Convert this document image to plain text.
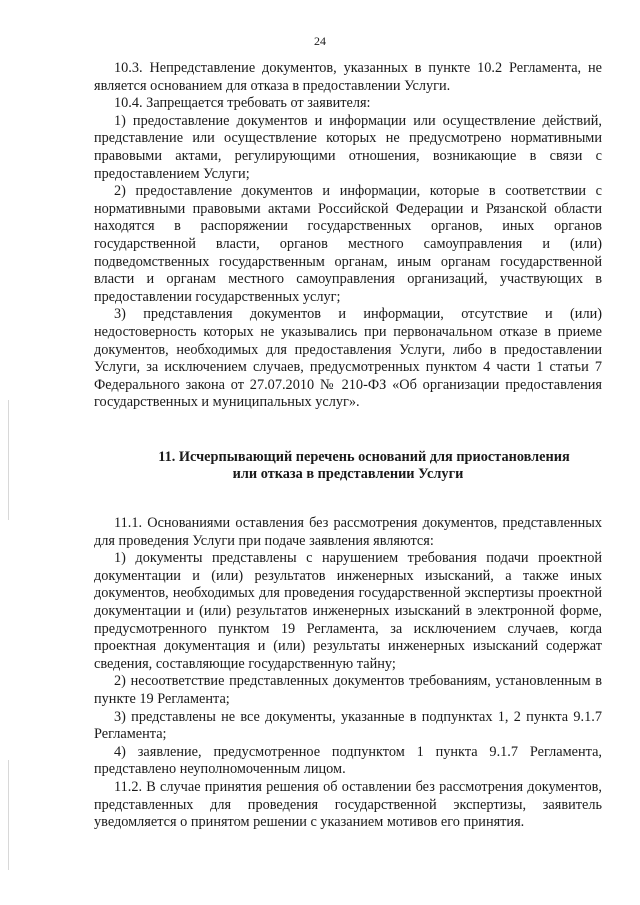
24

10.3. Непредставление документов, указанных в пункте 10.2 Регламента, не является основанием для отказа в предоставлении Услуги.

10.4. Запрещается требовать от заявителя:

1) предоставление документов и информации или осуществление действий, представление или осуществление которых не предусмотрено нормативными правовыми актами, регулирующими отношения, возникающие в связи с предоставлением Услуги;

2) предоставление документов и информации, которые в соответствии с нормативными правовыми актами Российской Федерации и Рязанской области находятся в распоряжении государственных органов, иных органов государственной власти, органов местного самоуправления и (или) подведомственных государственным органам, иным органам государственной власти и органам местного самоуправления организаций, участвующих в предоставлении государственных услуг;

3) представления документов и информации, отсутствие и (или) недостоверность которых не указывались при первоначальном отказе в приеме документов, необходимых для предоставления Услуги, либо в предоставлении Услуги, за исключением случаев, предусмотренных пунктом 4 части 1 статьи 7 Федерального закона от 27.07.2010 № 210-ФЗ «Об организации предоставления государственных и муниципальных услуг».

11. Исчерпывающий перечень оснований для приостановления
или отказа в представлении Услуги

11.1. Основаниями оставления без рассмотрения документов, представленных для проведения Услуги при подаче заявления являются:

1) документы представлены с нарушением требования подачи проектной документации и (или) результатов инженерных изысканий, а также иных документов, необходимых для проведения государственной экспертизы проектной документации и (или) результатов инженерных изысканий в электронной форме, предусмотренного пунктом 19 Регламента, за исключением случаев, когда проектная документация и (или) результаты инженерных изысканий содержат сведения, составляющие государственную тайну;

2) несоответствие представленных документов требованиям, установленным в пункте 19 Регламента;

3) представлены не все документы, указанные в подпунктах 1, 2 пункта 9.1.7 Регламента;

4) заявление, предусмотренное подпунктом 1 пункта 9.1.7 Регламента, представлено неуполномоченным лицом.

11.2. В случае принятия решения об оставлении без рассмотрения документов, представленных для проведения государственной экспертизы, заявитель уведомляется о принятом решении с указанием мотивов его принятия.
